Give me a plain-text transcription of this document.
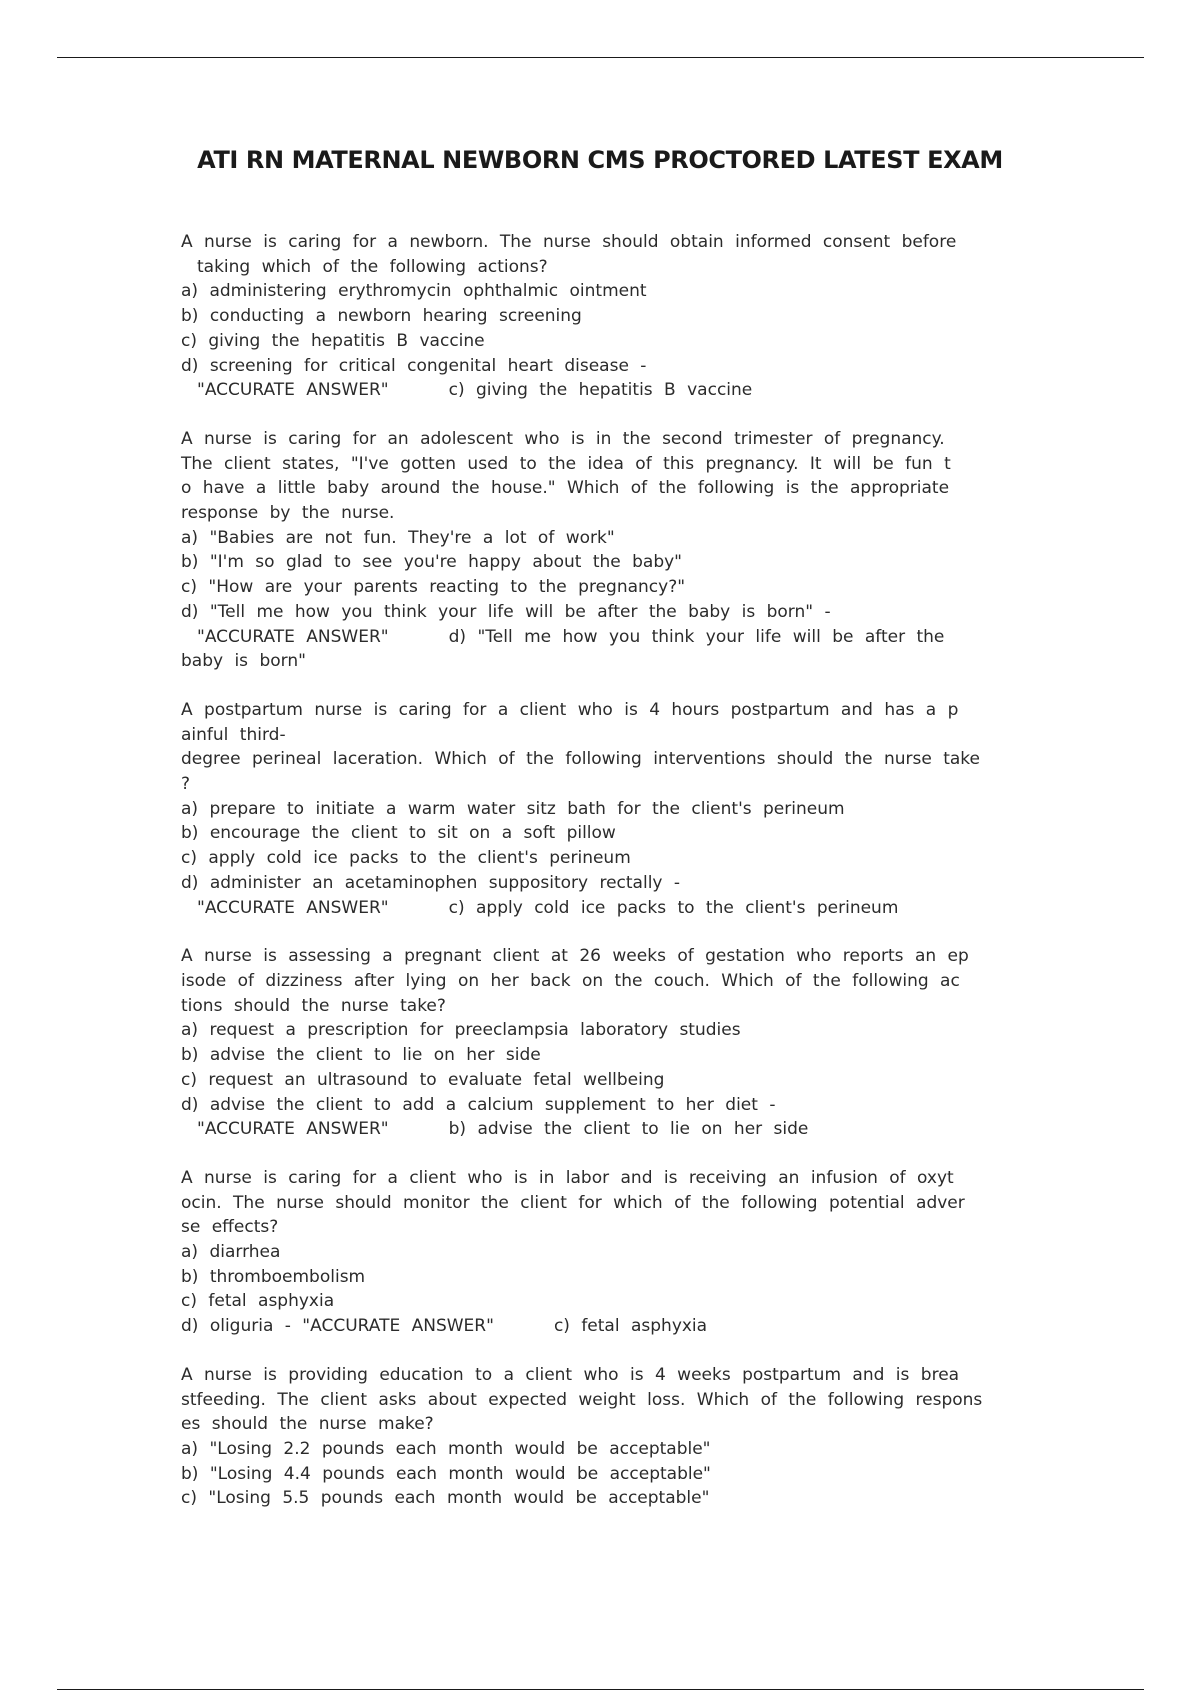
ATI RN MATERNAL NEWBORN CMS PROCTORED LATEST EXAM
A nurse is caring for a newborn. The nurse should obtain informed consent before
taking which of the following actions?
a) administering erythromycin ophthalmic ointment
b) conducting a newborn hearing screening
c) giving the hepatitis B vaccine
d) screening for critical congenital heart disease -
"ACCURATE ANSWER"	c) giving the hepatitis B vaccine
A nurse is caring for an adolescent who is in the second trimester of pregnancy.
The client states, "I've gotten used to the idea of this pregnancy. It will be fun t
o have a little baby around the house." Which of the following is the appropriate
response by the nurse.
a) "Babies are not fun. They're a lot of work"
b) "I'm so glad to see you're happy about the baby"
c) "How are your parents reacting to the pregnancy?"
d) "Tell me how you think your life will be after the baby is born" -
"ACCURATE ANSWER"	d) "Tell me how you think your life will be after the
baby is born"
A postpartum nurse is caring for a client who is 4 hours postpartum and has a p
ainful third-
degree perineal laceration. Which of the following interventions should the nurse take
?
a) prepare to initiate a warm water sitz bath for the client's perineum
b) encourage the client to sit on a soft pillow
c) apply cold ice packs to the client's perineum
d) administer an acetaminophen suppository rectally -
"ACCURATE ANSWER"	c) apply cold ice packs to the client's perineum
A nurse is assessing a pregnant client at 26 weeks of gestation who reports an ep
isode of dizziness after lying on her back on the couch. Which of the following ac
tions should the nurse take?
a) request a prescription for preeclampsia laboratory studies
b) advise the client to lie on her side
c) request an ultrasound to evaluate fetal wellbeing
d) advise the client to add a calcium supplement to her diet -
"ACCURATE ANSWER"	b) advise the client to lie on her side
A nurse is caring for a client who is in labor and is receiving an infusion of oxyt
ocin. The nurse should monitor the client for which of the following potential adver
se effects?
a) diarrhea
b) thromboembolism
c) fetal asphyxia
d) oliguria - "ACCURATE ANSWER"	c) fetal asphyxia
A nurse is providing education to a client who is 4 weeks postpartum and is brea
stfeeding. The client asks about expected weight loss. Which of the following respons
es should the nurse make?
a) "Losing 2.2 pounds each month would be acceptable"
b) "Losing 4.4 pounds each month would be acceptable"
c) "Losing 5.5 pounds each month would be acceptable"
